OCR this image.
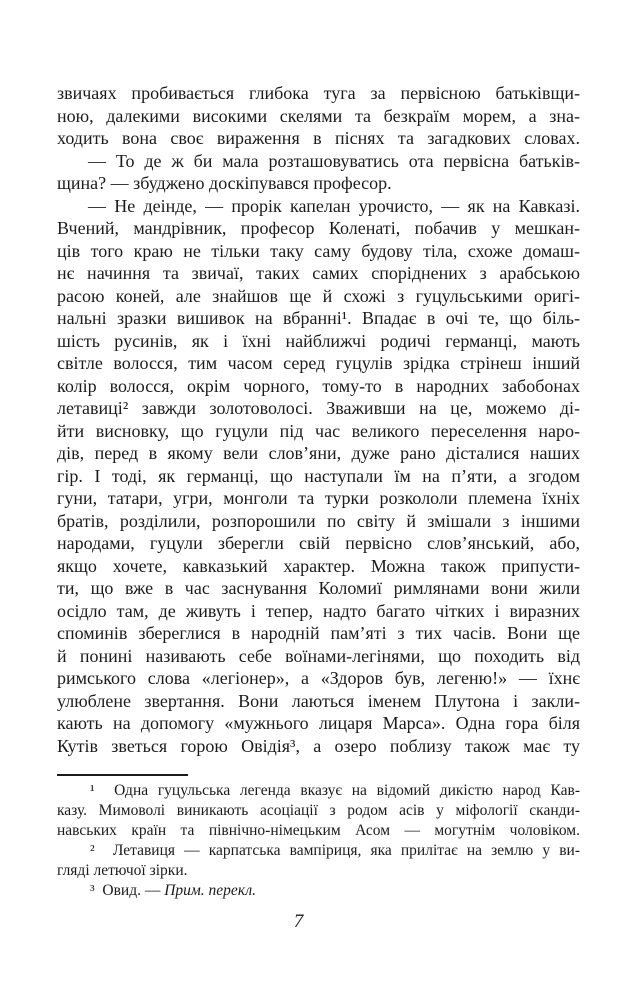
звичаях пробивається глибока туга за первісною батьківщи-
ною, далекими високими скелями та безкраїм морем, а зна-
ходить вона своє вираження в піснях та загадкових словах.
— То де ж би мала розташовуватись ота первісна батьків-
щина? — збуджено доскіпувався професор.
— Не деінде, — прорік капелан урочисто, — як на Кавказі.
Вчений, мандрівник, професор Коленаті, побачив у мешкан-
ців того краю не тільки таку саму будову тіла, схоже домаш-
нє начиння та звичаї, таких самих споріднених з арабською
расою коней, але знайшов ще й схожі з гуцульськими оригі-
нальні зразки вишивок на вбранні¹. Впадає в очі те, що біль-
шість русинів, як і їхні найближчі родичі германці, мають
світле волосся, тим часом серед гуцулів зрідка стрінеш інший
колір волосся, окрім чорного, тому-то в народних забобонах
летавиці² завжди золотоволосі. Зваживши на це, можемо ді-
йти висновку, що гуцули під час великого переселення наро-
дів, перед в якому вели слов’яни, дуже рано дісталися наших
гір. І тоді, як германці, що наступали їм на п’яти, а згодом
гуни, татари, угри, монголи та турки розкололи племена їхніх
братів, розділили, розпорошили по світу й змішали з іншими
народами, гуцули зберегли свій первісно слов’янський, або,
якщо хочете, кавказький характер. Можна також припусти-
ти, що вже в час заснування Коломиї римлянами вони жили
осідло там, де живуть і тепер, надто багато чітких і виразних
споминів збереглися в народній пам’яті з тих часів. Вони ще
й понині називають себе воїнами-легінями, що походить від
римського слова «легіонер», а «Здоров був, легеню!» — їхнє
улюблене звертання. Вони лаються іменем Плутона і закли-
кають на допомогу «мужнього лицаря Марса». Одна гора біля
Кутів зветься горою Овідія³, а озеро поблизу також має ту
¹  Одна гуцульська легенда вказує на відомий дикістю народ Кав-
казу. Мимоволі виникають асоціації з родом асів у міфології сканди-
навських країн та північно-німецьким Асом — могутнім чоловіком.
²  Летавиця — карпатська вампіриця, яка прилітає на землю у ви-
гляді летючої зірки.
³  Овид. — Прим. перекл.
7
